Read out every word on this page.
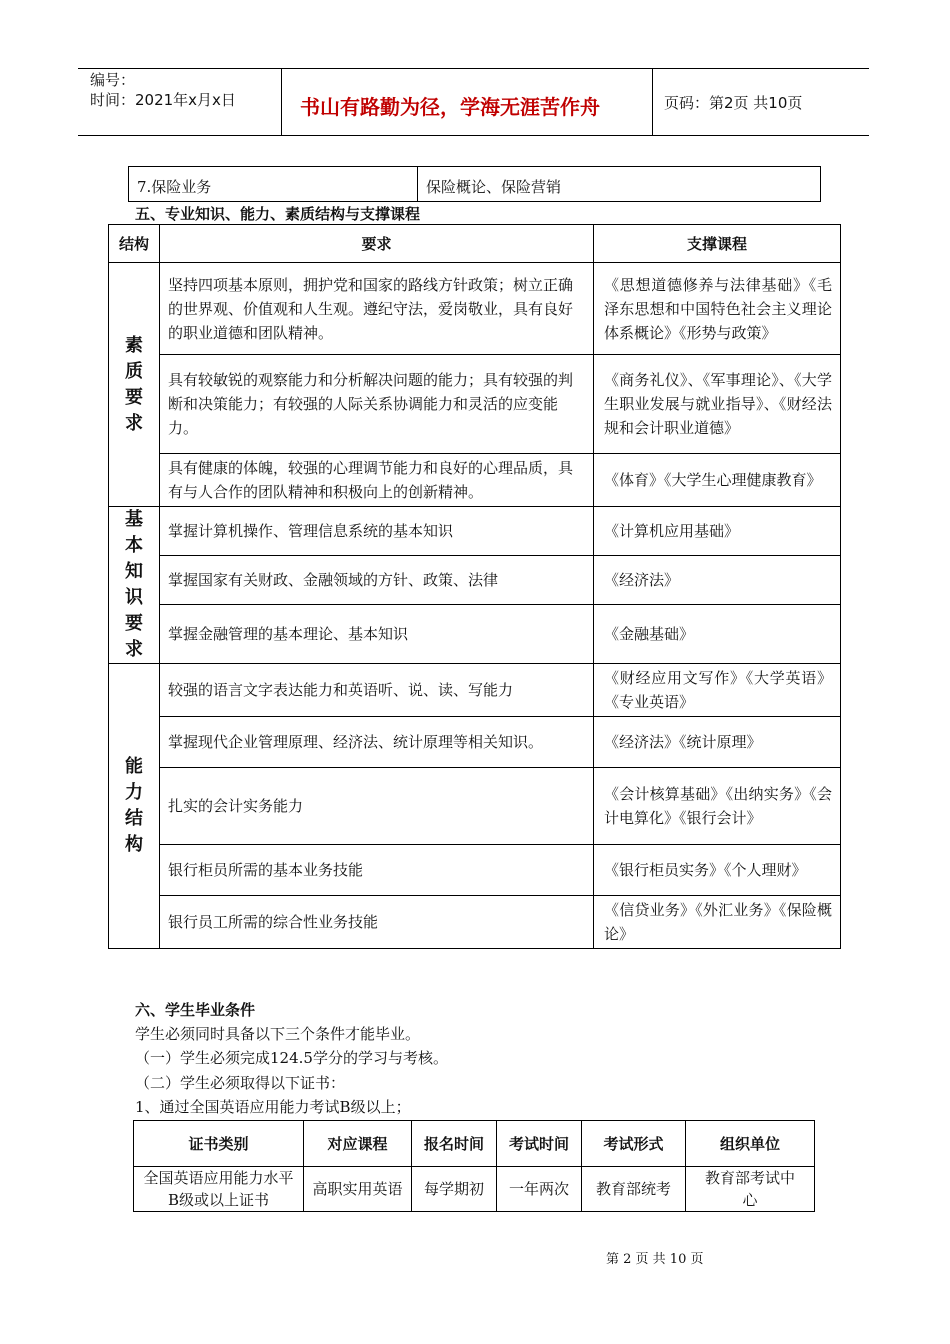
编号：
时间：2021年x月x日	书山有路勤为径，学海无涯苦作舟	页码：第2页 共10页
7.保险业务	保险概论、保险营销
五、专业知识、能力、素质结构与支撑课程
结构	要求	支撑课程

素质要求	坚持四项基本原则，拥护党和国家的路线方针政策；树立正确的世界观、价值观和人生观。遵纪守法，爱岗敬业，具有良好的职业道德和团队精神。	《思想道德修养与法律基础》《毛泽东思想和中国特色社会主义理论体系概论》《形势与政策》
	具有较敏锐的观察能力和分析解决问题的能力；具有较强的判断和决策能力；有较强的人际关系协调能力和灵活的应变能力。	《商务礼仪》、《军事理论》、《大学生职业发展与就业指导》、《财经法规和会计职业道德》
	具有健康的体魄，较强的心理调节能力和良好的心理品质，具有与人合作的团队精神和积极向上的创新精神。	《体育》《大学生心理健康教育》

基本知识要求	掌握计算机操作、管理信息系统的基本知识	《计算机应用基础》
	掌握国家有关财政、金融领域的方针、政策、法律	《经济法》
	掌握金融管理的基本理论、基本知识	《金融基础》

能力结构	较强的语言文字表达能力和英语听、说、读、写能力	《财经应用文写作》《大学英语》《专业英语》
	掌握现代企业管理原理、经济法、统计原理等相关知识。	《经济法》《统计原理》
	扎实的会计实务能力	《会计核算基础》《出纳实务》《会计电算化》《银行会计》
	银行柜员所需的基本业务技能	《银行柜员实务》《个人理财》
	银行员工所需的综合性业务技能	《信贷业务》《外汇业务》《保险概论》
六、学生毕业条件
学生必须同时具备以下三个条件才能毕业。
（一）学生必须完成124.5学分的学习与考核。
（二）学生必须取得以下证书：
1、通过全国英语应用能力考试B级以上；
证书类别	对应课程	报名时间	考试时间	考试形式	组织单位
全国英语应用能力水平B级或以上证书	高职实用英语	每学期初	一年两次	教育部统考	教育部考试中心
第 2 页 共 10 页
